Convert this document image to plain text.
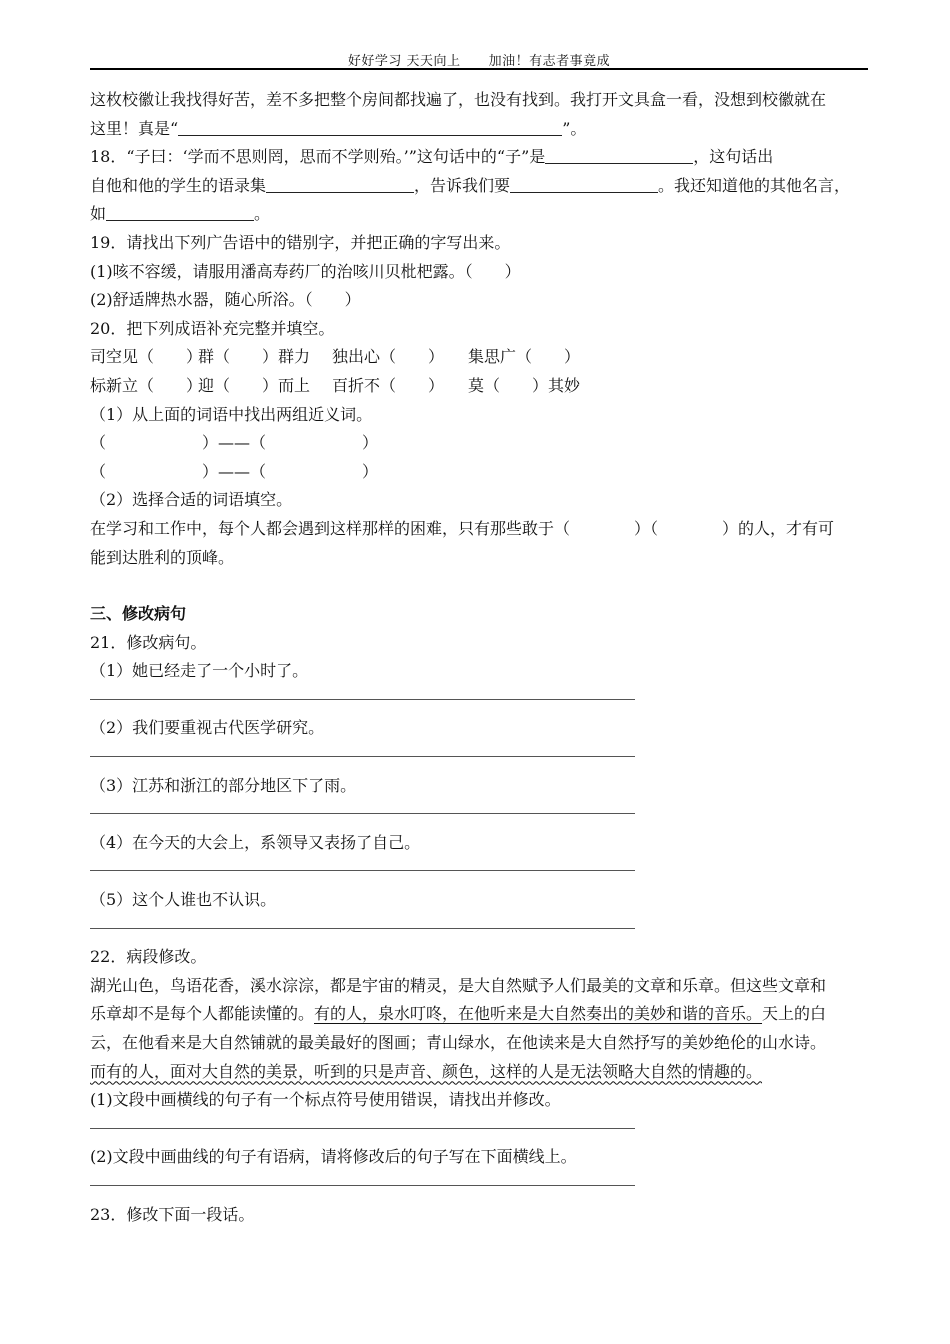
好好学习 天天向上 加油！有志者事竟成
这枚校徽让我找得好苦，差不多把整个房间都找遍了，也没有找到。我打开文具盒一看，没想到校徽就在
这里！真是“	”。
18．“子曰：‘学而不思则罔，思而不学则殆。’”这句话中的“子”是	，这句话出
自他和他的学生的语录集	，告诉我们要	。我还知道他的其他名言，
如	。
19．请找出下列广告语中的错别字，并把正确的字写出来。
(1)咳不容缓，请服用潘高寿药厂的治咳川贝枇杷露。（　　）
(2)舒适牌热水器，随心所浴。（　　）
20．把下列成语补充完整并填空。
司空见（　　）群（　　）群力 独出心（　　） 集思广（　　）
标新立（　　）迎（　　）而上 百折不（　　） 莫（　　）其妙
（1）从上面的词语中找出两组近义词。
（　　　　　　）——（　　　　　　）
（　　　　　　）——（　　　　　　）
（2）选择合适的词语填空。
在学习和工作中，每个人都会遇到这样那样的困难，只有那些敢于（　　　　）（　　　　）的人，才有可
能到达胜利的顶峰。
三、修改病句
21．修改病句。
（1）她已经走了一个小时了。
（2）我们要重视古代医学研究。
（3）江苏和浙江的部分地区下了雨。
（4）在今天的大会上，系领导又表扬了自己。
（5）这个人谁也不认识。
22．病段修改。
湖光山色，鸟语花香，溪水淙淙，都是宇宙的精灵，是大自然赋予人们最美的文章和乐章。但这些文章和
乐章却不是每个人都能读懂的。有的人，泉水叮咚，在他听来是大自然奏出的美妙和谐的音乐。天上的白
云，在他看来是大自然铺就的最美最好的图画；青山绿水，在他读来是大自然抒写的美妙绝伦的山水诗。
而有的人，面对大自然的美景，听到的只是声音、颜色，这样的人是无法领略大自然的情趣的。
(1)文段中画横线的句子有一个标点符号使用错误，请找出并修改。
(2)文段中画曲线的句子有语病，请将修改后的句子写在下面横线上。
23．修改下面一段话。
